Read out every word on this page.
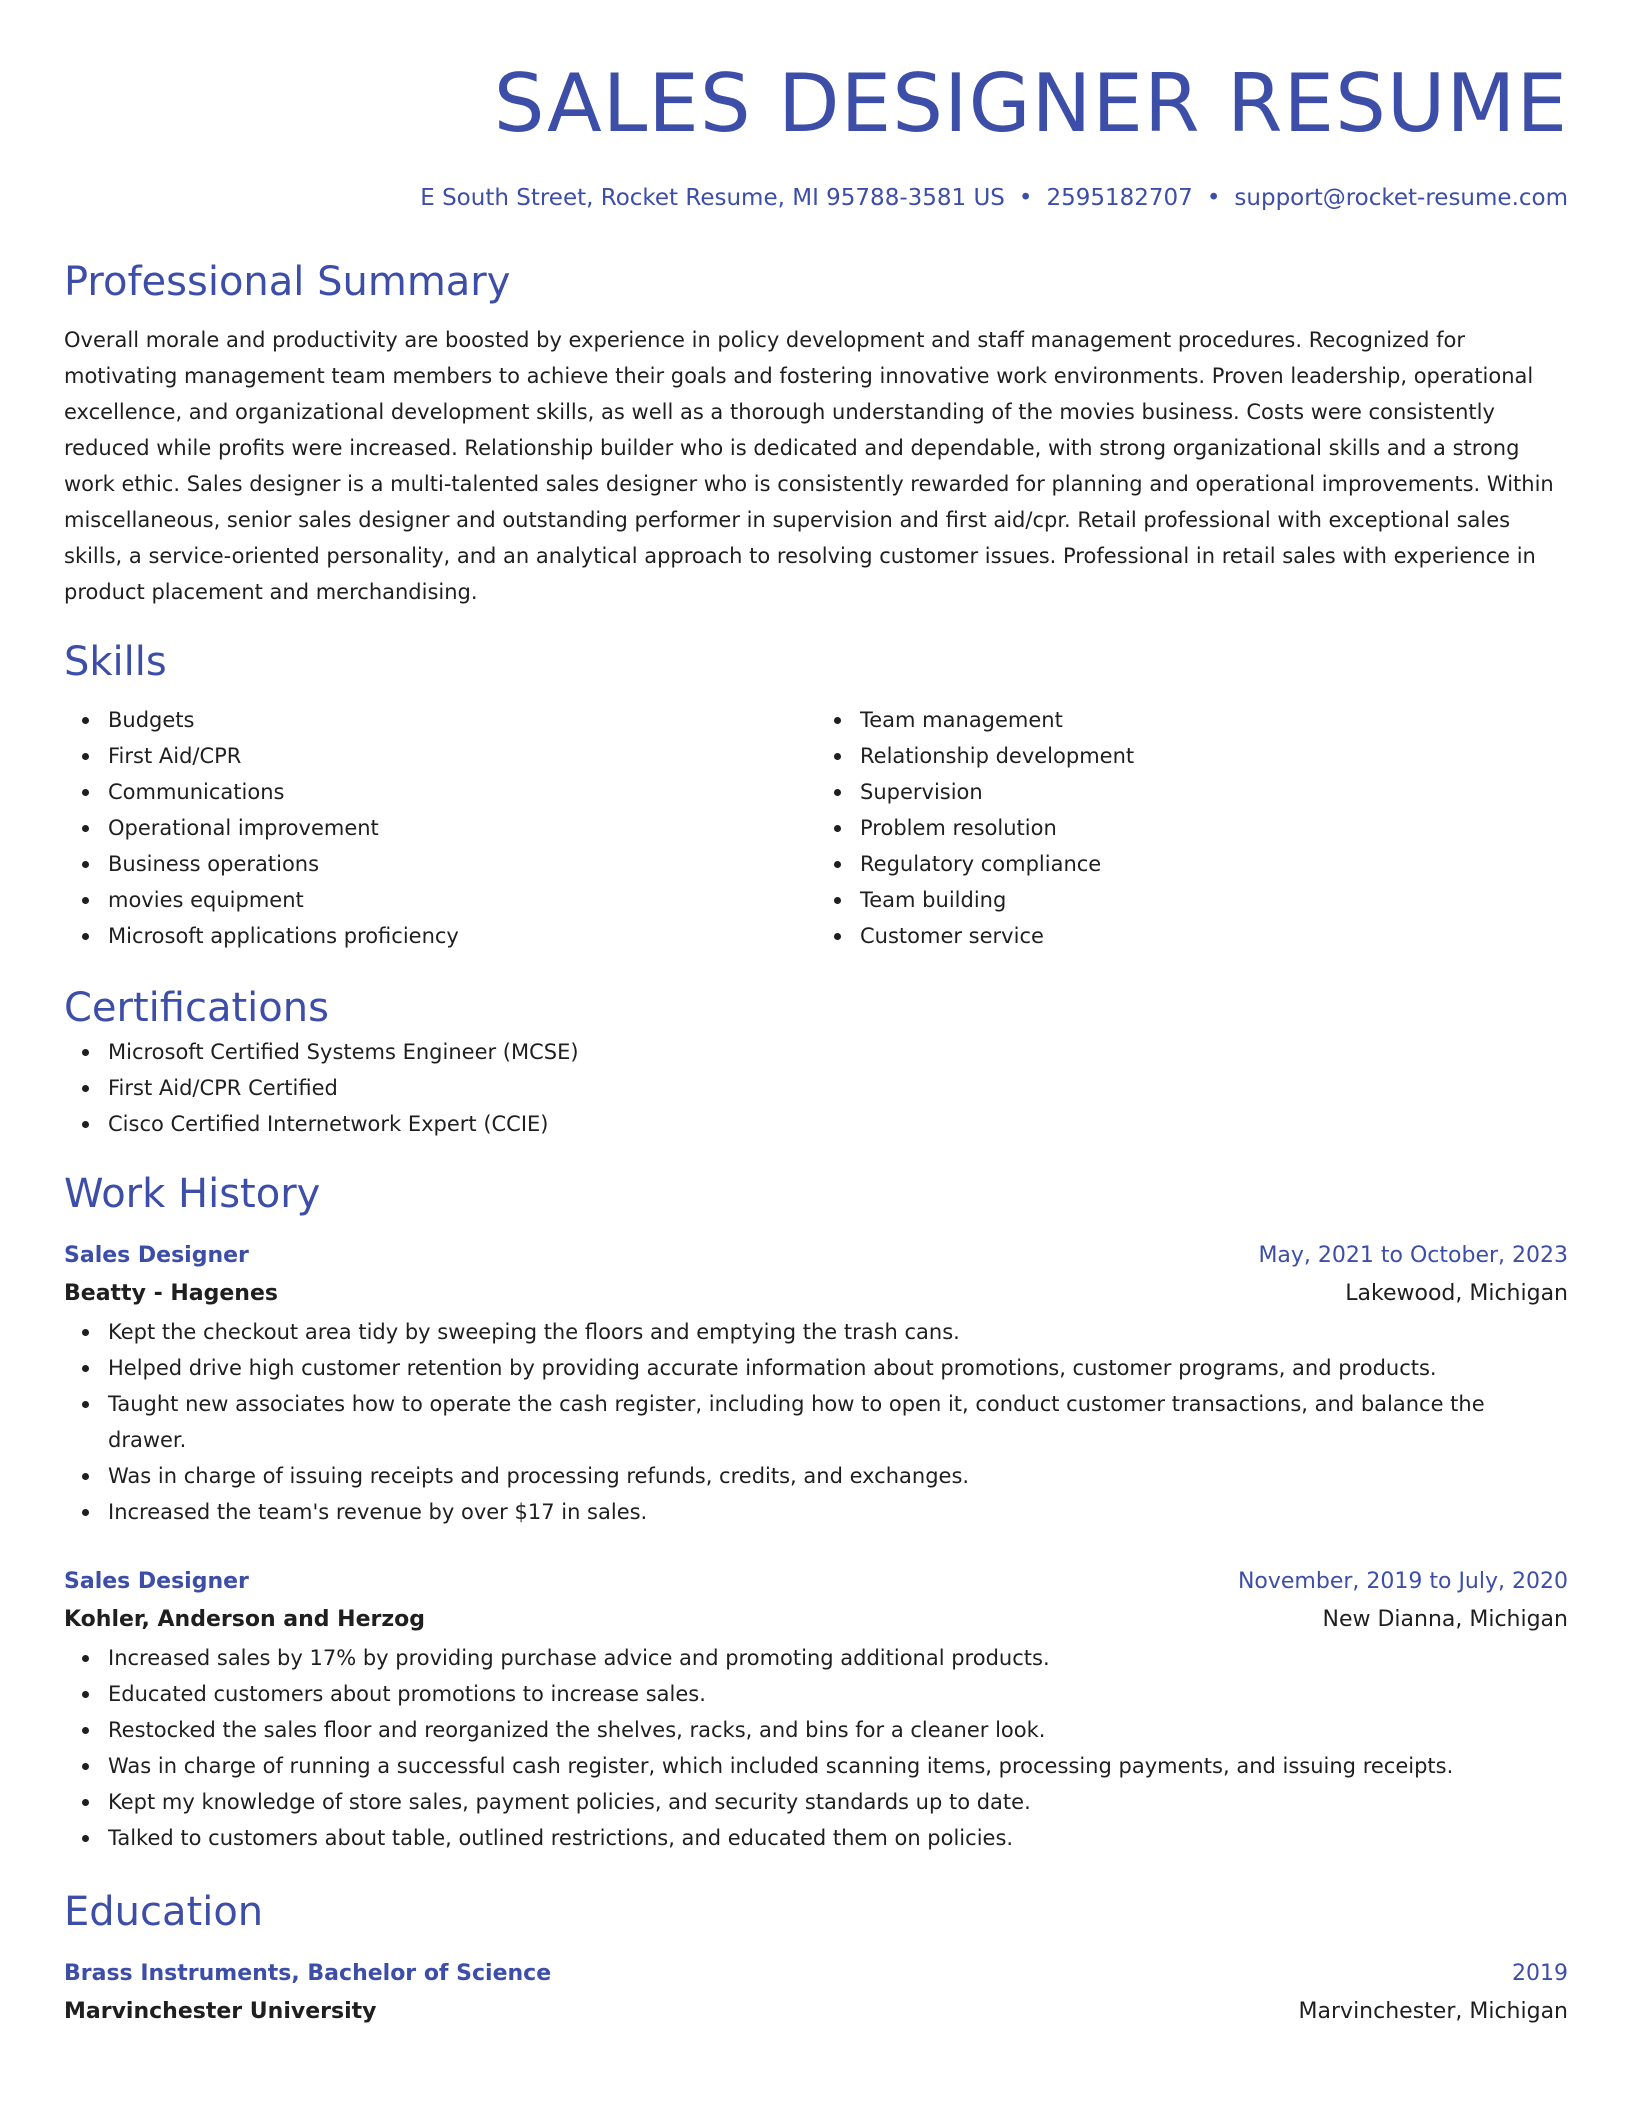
SALES DESIGNER RESUME
E South Street, Rocket Resume, MI 95788-3581 US • 2595182707 • support@rocket-resume.com
Professional Summary

Overall morale and productivity are boosted by experience in policy development and staff management procedures. Recognized for motivating management team members to achieve their goals and fostering innovative work environments. Proven leadership, operational excellence, and organizational development skills, as well as a thorough understanding of the movies business. Costs were consistently reduced while profits were increased. Relationship builder who is dedicated and dependable, with strong organizational skills and a strong work ethic. Sales designer is a multi-talented sales designer who is consistently rewarded for planning and operational improvements. Within miscellaneous, senior sales designer and outstanding performer in supervision and first aid/cpr. Retail professional with exceptional sales skills, a service-oriented personality, and an analytical approach to resolving customer issues. Professional in retail sales with experience in product placement and merchandising.

Skills
Budgets
First Aid/CPR
Communications
Operational improvement
Business operations
movies equipment
Microsoft applications proficiency
Team management
Relationship development
Supervision
Problem resolution
Regulatory compliance
Team building
Customer service
Certifications
Microsoft Certified Systems Engineer (MCSE)
First Aid/CPR Certified
Cisco Certified Internetwork Expert (CCIE)
Work History
Sales Designer	May, 2021 to October, 2023
Beatty - Hagenes	Lakewood, Michigan
Kept the checkout area tidy by sweeping the floors and emptying the trash cans.
Helped drive high customer retention by providing accurate information about promotions, customer programs, and products.
Taught new associates how to operate the cash register, including how to open it, conduct customer transactions, and balance the drawer.
Was in charge of issuing receipts and processing refunds, credits, and exchanges.
Increased the team's revenue by over $17 in sales.
Sales Designer	November, 2019 to July, 2020
Kohler, Anderson and Herzog	New Dianna, Michigan
Increased sales by 17% by providing purchase advice and promoting additional products.
Educated customers about promotions to increase sales.
Restocked the sales floor and reorganized the shelves, racks, and bins for a cleaner look.
Was in charge of running a successful cash register, which included scanning items, processing payments, and issuing receipts.
Kept my knowledge of store sales, payment policies, and security standards up to date.
Talked to customers about table, outlined restrictions, and educated them on policies.
Education
Brass Instruments, Bachelor of Science	2019
Marvinchester University	Marvinchester, Michigan
